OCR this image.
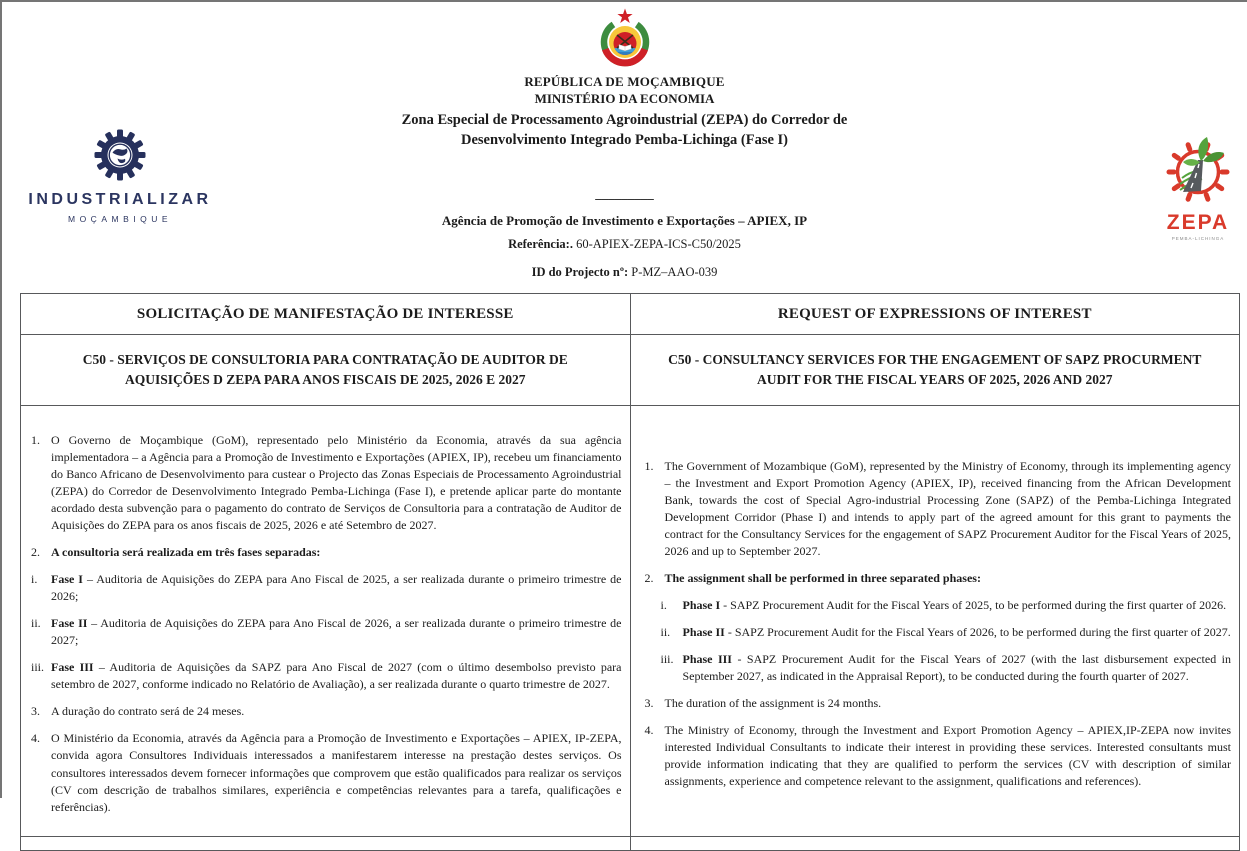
REPÚBLICA DE MOÇAMBIQUE
MINISTÉRIO DA ECONOMIA
Zona Especial de Processamento Agroindustrial (ZEPA) do Corredor de
Desenvolvimento Integrado Pemba-Lichinga (Fase I)
_________
Agência de Promoção de Investimento e Exportações – APIEX, IP
Referência:. 60-APIEX-ZEPA-ICS-C50/2025
ID do Projecto nº: P-MZ–AAO-039
INDUSTRIALIZAR
MOÇAMBIQUE	ZEPA
PEMBA-LICHINGA
SOLICITAÇÃO DE MANIFESTAÇÃO DE INTERESSE	REQUEST OF EXPRESSIONS OF INTEREST
C50 - SERVIÇOS DE CONSULTORIA PARA CONTRATAÇÃO DE AUDITOR DE AQUISIÇÕES D ZEPA PARA ANOS FISCAIS DE 2025, 2026 E 2027	C50 - CONSULTANCY SERVICES FOR THE ENGAGEMENT OF SAPZ PROCURMENT AUDIT FOR THE FISCAL YEARS OF 2025, 2026 AND 2027

1. O Governo de Moçambique (GoM), representado pelo Ministério da Economia, através da sua agência implementadora – a Agência para a Promoção de Investimento e Exportações (APIEX, IP), recebeu um financiamento do Banco Africano de Desenvolvimento para custear o Projecto das Zonas Especiais de Processamento Agroindustrial (ZEPA) do Corredor de Desenvolvimento Integrado Pemba-Lichinga (Fase I), e pretende aplicar parte do montante acordado desta subvenção para o pagamento do contrato de Serviços de Consultoria para a contratação de Auditor de Aquisições do ZEPA para os anos fiscais de 2025, 2026 e até Setembro de 2027.
2. A consultoria será realizada em três fases separadas:
i.	Fase I – Auditoria de Aquisições do ZEPA para Ano Fiscal de 2025, a ser realizada durante o primeiro trimestre de 2026;
ii. Fase II – Auditoria de Aquisições do ZEPA para Ano Fiscal de 2026, a ser realizada durante o primeiro trimestre de 2027;
iii. Fase III – Auditoria de Aquisições da SAPZ para Ano Fiscal de 2027 (com o último desembolso previsto para setembro de 2027, conforme indicado no Relatório de Avaliação), a ser realizada durante o quarto trimestre de 2027.
3. A duração do contrato será de 24 meses.
4. O Ministério da Economia, através da Agência para a Promoção de Investimento e Exportações – APIEX, IP-ZEPA, convida agora Consultores Individuais interessados a manifestarem interesse na prestação destes serviços. Os consultores interessados devem fornecer informações que comprovem que estão qualificados para realizar os serviços (CV com descrição de trabalhos similares, experiência e competências relevantes para a tarefa, qualificações e referências).

1. The Government of Mozambique (GoM), represented by the Ministry of Economy, through its implementing agency – the Investment and Export Promotion Agency (APIEX, IP), received financing from the African Development Bank, towards the cost of Special Agro-industrial Processing Zone (SAPZ) of the Pemba-Lichinga Integrated Development Corridor (Phase I) and intends to apply part of the agreed amount for this grant to payments the contract for the Consultancy Services for the engagement of SAPZ Procurement Auditor for the Fiscal Years of 2025, 2026 and up to September 2027.
2. The assignment shall be performed in three separated phases:
i.	Phase I - SAPZ Procurement Audit for the Fiscal Years of 2025, to be performed during the first quarter of 2026.
ii.	Phase II - SAPZ Procurement Audit for the Fiscal Years of 2026, to be performed during the first quarter of 2027.
iii. Phase III - SAPZ Procurement Audit for the Fiscal Years of 2027 (with the last disbursement expected in September 2027, as indicated in the Appraisal Report), to be conducted during the fourth quarter of 2027.
3. The duration of the assignment is 24 months.
4. The Ministry of Economy, through the Investment and Export Promotion Agency – APIEX,IP-ZEPA now invites interested Individual Consultants to indicate their interest in providing these services. Interested consultants must provide information indicating that they are qualified to perform the services (CV with description of similar assignments, experience and competence relevant to the assignment, qualifications and references).
